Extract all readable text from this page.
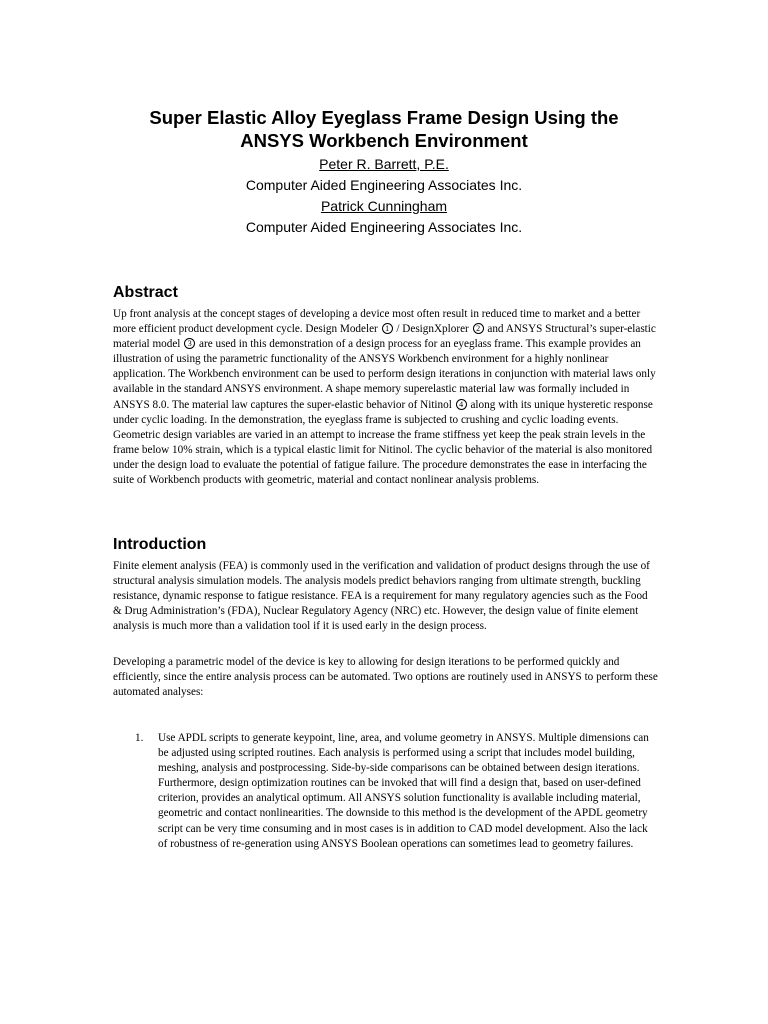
Super Elastic Alloy Eyeglass Frame Design Using the
ANSYS Workbench Environment
Peter R. Barrett, P.E.
Computer Aided Engineering Associates Inc.
Patrick Cunningham
Computer Aided Engineering Associates Inc.
Abstract

Up front analysis at the concept stages of developing a device most often result in reduced time to market and a better more efficient product development cycle. Design Modeler 1 / DesignXplorer 2 and ANSYS Structural’s super-elastic material model 3 are used in this demonstration of a design process for an eyeglass frame. This example provides an illustration of using the parametric functionality of the ANSYS Workbench environment for a highly nonlinear application. The Workbench environment can be used to perform design iterations in conjunction with material laws only available in the standard ANSYS environment. A shape memory superelastic material law was formally included in ANSYS 8.0. The material law captures the super-elastic behavior of Nitinol 4 along with its unique hysteretic response under cyclic loading. In the demonstration, the eyeglass frame is subjected to crushing and cyclic loading events. Geometric design variables are varied in an attempt to increase the frame stiffness yet keep the peak strain levels in the frame below 10% strain, which is a typical elastic limit for Nitinol. The cyclic behavior of the material is also monitored under the design load to evaluate the potential of fatigue failure. The procedure demonstrates the ease in interfacing the suite of Workbench products with geometric, material and contact nonlinear analysis problems.

Introduction

Finite element analysis (FEA) is commonly used in the verification and validation of product designs through the use of structural analysis simulation models. The analysis models predict behaviors ranging from ultimate strength, buckling resistance, dynamic response to fatigue resistance. FEA is a requirement for many regulatory agencies such as the Food & Drug Administration’s (FDA), Nuclear Regulatory Agency (NRC) etc. However, the design value of finite element analysis is much more than a validation tool if it is used early in the design process.

Developing a parametric model of the device is key to allowing for design iterations to be performed quickly and efficiently, since the entire analysis process can be automated. Two options are routinely used in ANSYS to perform these automated analyses:

1. Use APDL scripts to generate keypoint, line, area, and volume geometry in ANSYS. Multiple dimensions can be adjusted using scripted routines. Each analysis is performed using a script that includes model building, meshing, analysis and postprocessing. Side-by-side comparisons can be obtained between design iterations. Furthermore, design optimization routines can be invoked that will find a design that, based on user-defined criterion, provides an analytical optimum. All ANSYS solution functionality is available including material, geometric and contact nonlinearities. The downside to this method is the development of the APDL geometry script can be very time consuming and in most cases is in addition to CAD model development. Also the lack of robustness of re-generation using ANSYS Boolean operations can sometimes lead to geometry failures.
